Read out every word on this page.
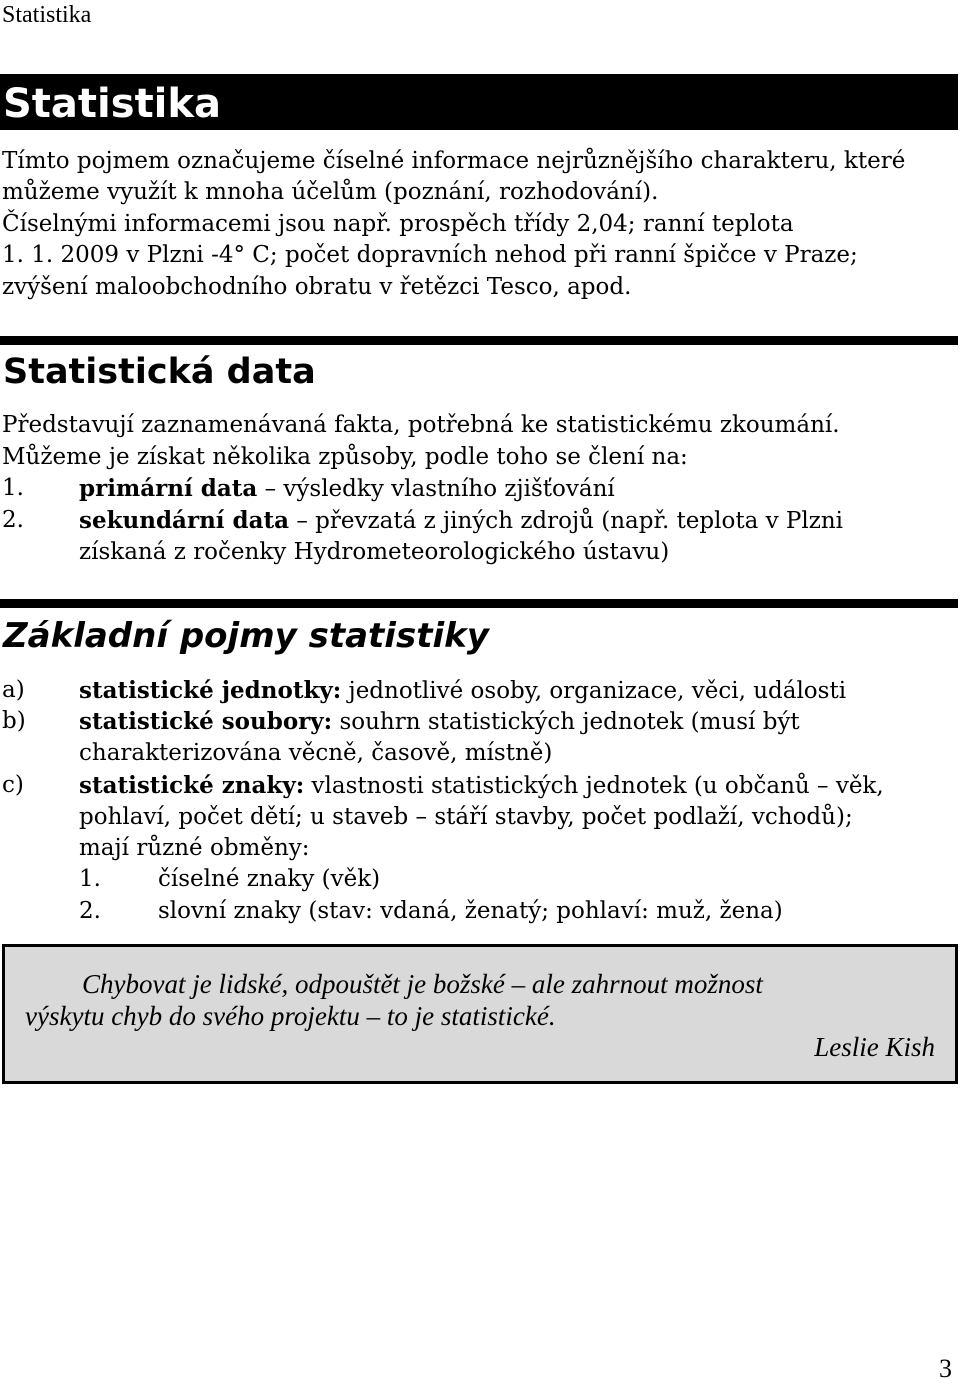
Statistika
Statistika

Tímto pojmem označujeme číselné informace nejrůznějšího charakteru, které

můžeme využít k mnoha účelům (poznání, rozhodování).

Číselnými informacemi jsou např. prospěch třídy 2,04; ranní teplota

1. 1. 2009 v Plzni -4° C; počet dopravních nehod při ranní špičce v Praze;

zvýšení maloobchodního obratu v řetězci Tesco, apod.

Statistická data

Představují zaznamenávaná fakta, potřebná ke statistickému zkoumání.

Můžeme je získat několika způsoby, podle toho se člení na:

1. primární data – výsledky vlastního zjišťování
2. sekundární data – převzatá z jiných zdrojů (např. teplota v Plzni
získaná z ročenky Hydrometeorologického ústavu)
Základní pojmy statistiky
a) statistické jednotky: jednotlivé osoby, organizace, věci, události
b) statistické soubory: souhrn statistických jednotek (musí být
charakterizována věcně, časově, místně)
c) statistické znaky: vlastnosti statistických jednotek (u občanů – věk,
pohlaví, počet dětí; u staveb – stáří stavby, počet podlaží, vchodů);
mají různé obměny:
1.	číselné znaky (věk)
2.	slovní znaky (stav: vdaná, ženatý; pohlaví: muž, žena)
Chybovat je lidské, odpouštět je božské – ale zahrnout možnost
výskytu chyb do svého projektu – to je statistické.
Leslie Kish
3
